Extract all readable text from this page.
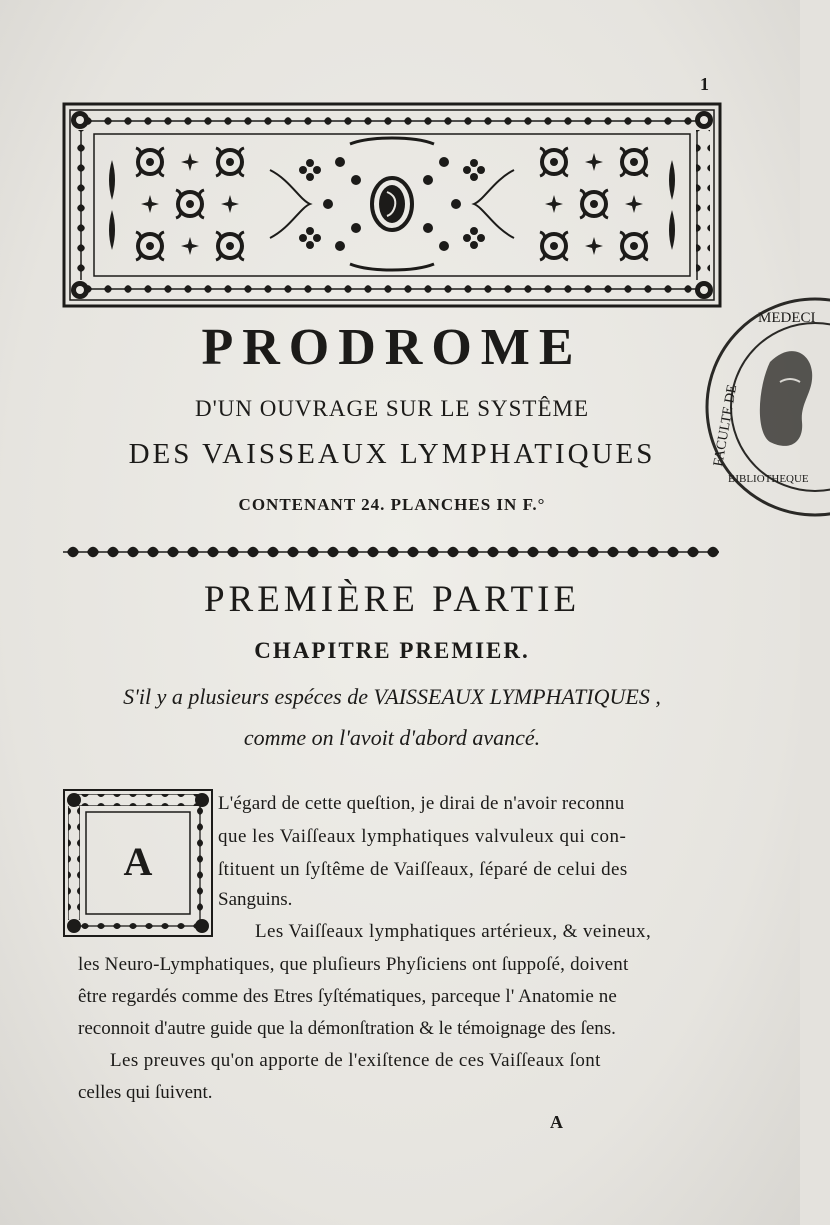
1
MEDECI
BIBLIOTHEQUE
FACULTE DE
PRODROME
D'UN OUVRAGE SUR LE SYSTÊME
DES VAISSEAUX LYMPHATIQUES
CONTENANT 24. PLANCHES IN F.°
PREMIÈRE PARTIE
CHAPITRE PREMIER.
S'il y a plusieurs espéces de VAISSEAUX LYMPHATIQUES ,
comme on l'avoit d'abord avancé.
A
L'égard de cette queſtion, je dirai de n'avoir reconnu
que les Vaiſſeaux lymphatiques valvuleux qui con-
ſtituent un ſyſtême de Vaiſſeaux, ſéparé de celui des
Sanguins.
Les Vaiſſeaux lymphatiques artérieux, & veineux,
les Neuro-Lymphatiques, que pluſieurs Phyſiciens ont ſuppoſé, doivent
être regardés comme des Etres ſyſtématiques, parceque l' Anatomie ne
reconnoit d'autre guide que la démonſtration & le témoignage des ſens.
Les preuves qu'on apporte de l'exiſtence de ces Vaiſſeaux ſont
celles qui ſuivent.
A
